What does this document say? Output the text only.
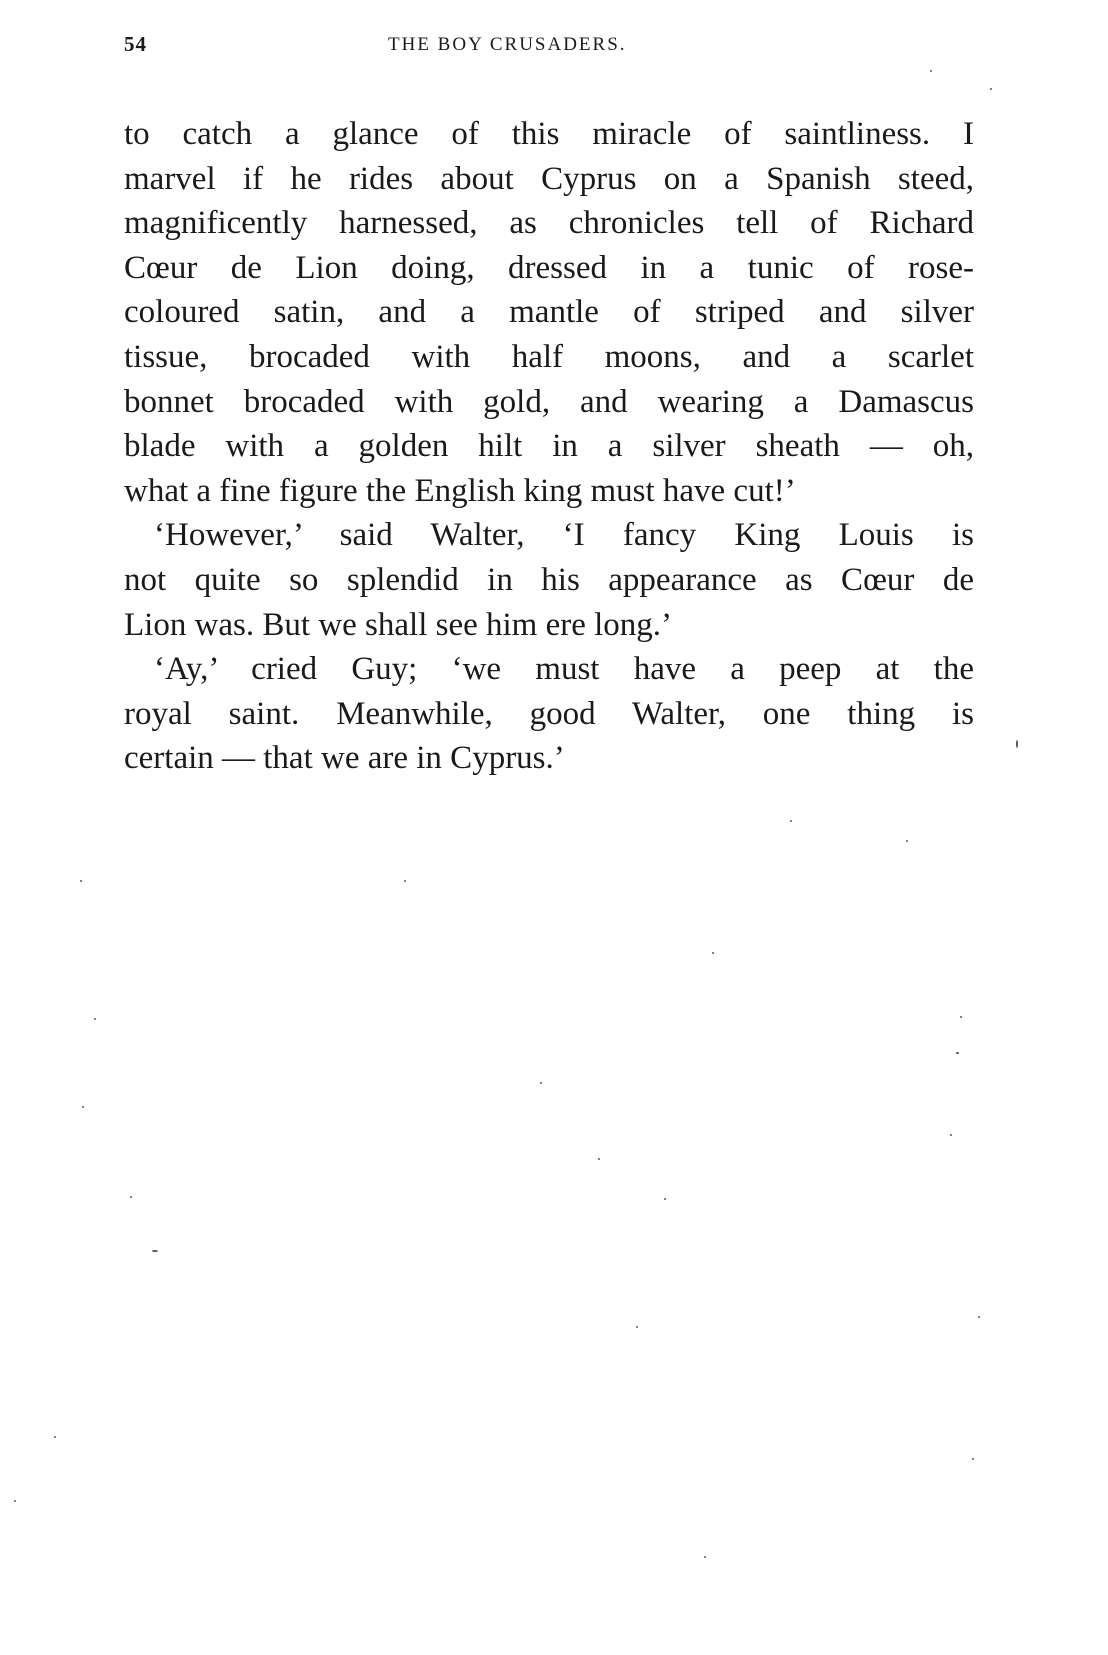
54	THE BOY CRUSADERS.
to catch a glance of this miracle of saintliness. I
marvel if he rides about Cyprus on a Spanish steed,
magnificently harnessed, as chronicles tell of Richard
Cœur de Lion doing, dressed in a tunic of rose-
coloured satin, and a mantle of striped and silver
tissue, brocaded with half moons, and a scarlet
bonnet brocaded with gold, and wearing a Damascus
blade with a golden hilt in a silver sheath — oh,
what a fine figure the English king must have cut!’
‘However,’ said Walter, ‘I fancy King Louis is
not quite so splendid in his appearance as Cœur de
Lion was. But we shall see him ere long.’
‘Ay,’ cried Guy; ‘we must have a peep at the
royal saint. Meanwhile, good Walter, one thing is
certain — that we are in Cyprus.’
